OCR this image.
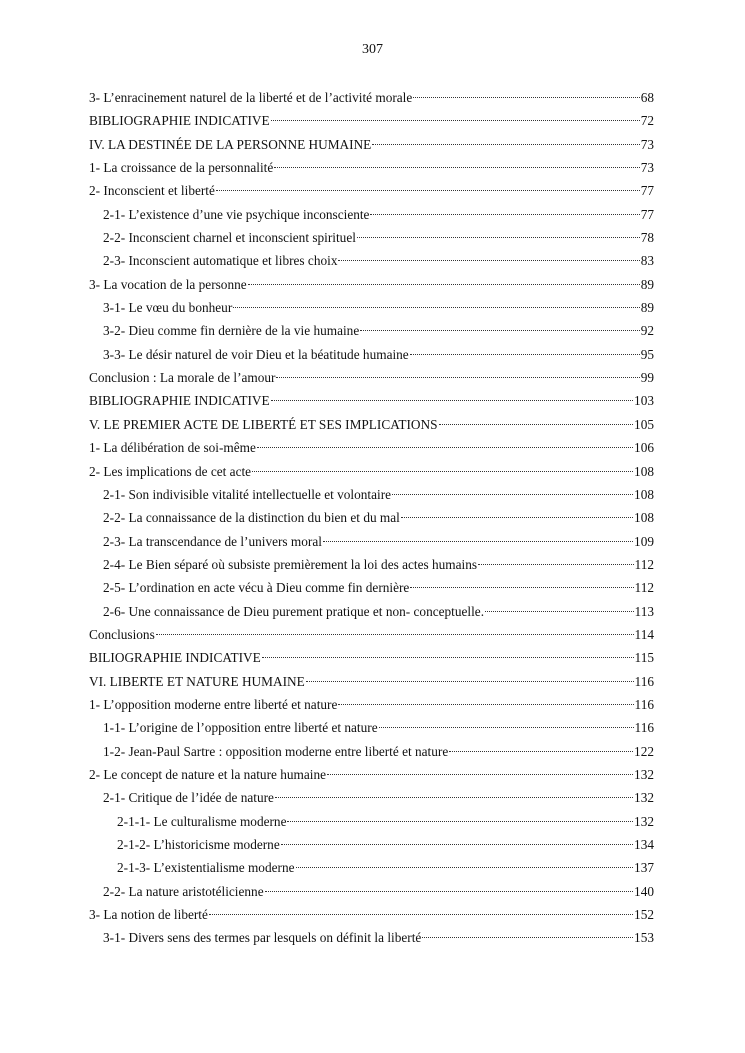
307
3- L’enracinement naturel de la liberté et de l’activité morale	68
BIBLIOGRAPHIE INDICATIVE	72
IV. LA DESTINÉE DE LA PERSONNE HUMAINE	73
1- La croissance de la personnalité	73
2- Inconscient et liberté	77
2-1- L’existence d’une vie psychique inconsciente	77
2-2- Inconscient charnel et inconscient spirituel	78
2-3- Inconscient automatique et libres choix	83
3- La vocation de la personne	89
3-1- Le vœu du bonheur	89
3-2- Dieu comme fin dernière de la vie humaine	92
3-3- Le désir naturel de voir Dieu et la béatitude humaine	95
Conclusion : La morale de l’amour	99
BIBLIOGRAPHIE INDICATIVE	103
V. LE PREMIER ACTE DE LIBERTÉ ET SES IMPLICATIONS	105
1- La délibération de soi-même	106
2- Les implications de cet acte	108
2-1- Son indivisible vitalité intellectuelle et volontaire	108
2-2- La connaissance de la distinction du bien et du mal	108
2-3- La transcendance de l’univers moral	109
2-4- Le Bien séparé où subsiste premièrement la loi des actes humains	112
2-5- L’ordination en acte vécu à Dieu comme fin dernière	112
2-6- Une connaissance de Dieu purement pratique et non- conceptuelle.	113
Conclusions	114
BILIOGRAPHIE INDICATIVE	115
VI. LIBERTE ET NATURE HUMAINE	116
1- L’opposition moderne entre liberté et nature	116
1-1- L’origine de l’opposition entre liberté et nature	116
1-2- Jean-Paul Sartre : opposition moderne entre liberté et nature	122
2- Le concept de nature et la nature humaine	132
2-1- Critique de l’idée de nature	132
2-1-1- Le culturalisme moderne	132
2-1-2- L’historicisme moderne	134
2-1-3- L’existentialisme moderne	137
2-2- La nature aristotélicienne	140
3- La notion de liberté	152
3-1- Divers sens des termes par lesquels on définit la liberté	153
